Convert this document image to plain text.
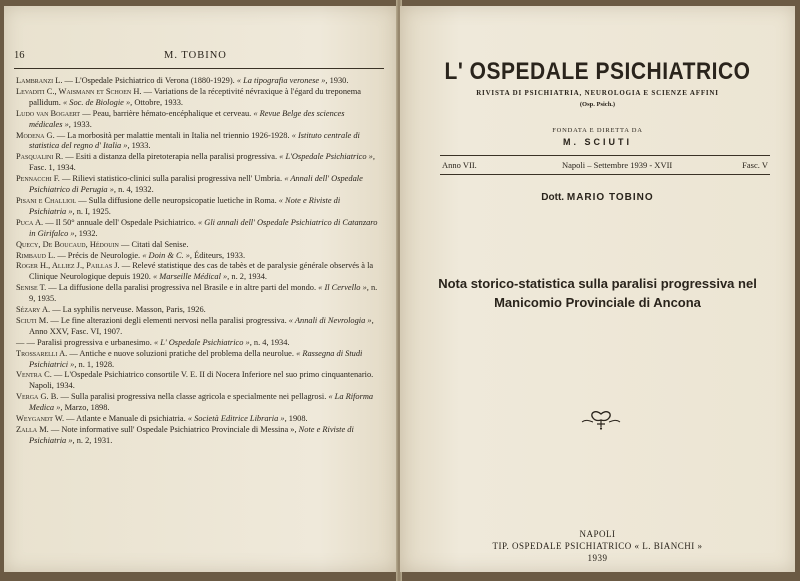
16	M. TOBINO

Lambranzi L. — L'Ospedale Psichiatrico di Verona (1880-1929). « La tipografia veronese », 1930.

Levaditi C., Waismann et Schoen H. — Variations de la réceptivité névraxique à l'égard du treponema pallidum. « Soc. de Biologie », Ottobre, 1933.

Ludo van Bogaert — Peau, barrière hémato-encéphalique et cerveau. « Revue Belge des sciences médicales », 1933.

Modena G. — La morbosità per malattie mentali in Italia nel triennio 1926-1928. « Istituto centrale di statistica del regno d' Italia », 1933.

Pasqualini R. — Esiti a distanza della piretoterapia nella paralisi progressiva. « L'Ospedale Psichiatrico », Fasc. 1, 1934.

Pennacchi F. — Rilievi statistico-clinici sulla paralisi progressiva nell' Umbria. « Annali dell' Ospedale Psichiatrico di Perugia », n. 4, 1932.

Pisani e Challiol — Sulla diffusione delle neuropsicopatie luetiche in Roma. « Note e Riviste di Psichiatria », n. I, 1925.

Puca A. — Il 50° annuale dell' Ospedale Psichiatrico. « Gli annali dell' Ospedale Psichiatrico di Catanzaro in Girifalco », 1932.

Quecy, De Boucaud, Hédouin — Citati dal Senise.

Rimbaud L. — Précis de Neurologie. « Doin & C. », Éditeurs, 1933.

Roger H., Alliez J., Paillas J. — Relevé statistique des cas de tabès et de paralysie générale observés à la Clinique Neurologique depuis 1920. « Marseille Médical », n. 2, 1934.

Senise T. — La diffusione della paralisi progressiva nel Brasile e in altre parti del mondo. « Il Cervello », n. 9, 1935.

Sézary A. — La syphilis nerveuse. Masson, Paris, 1926.

Sciuti M. — Le fine alterazioni degli elementi nervosi nella paralisi progressiva. « Annali di Nevrologia », Anno XXV, Fasc. VI, 1907.

— — Paralisi progressiva e urbanesimo. « L' Ospedale Psichiatrico », n. 4, 1934.

Trossarelli A. — Antiche e nuove soluzioni pratiche del problema della neurolue. « Rassegna di Studi Psichiatrici », n. 1, 1928.

Ventra C. — L'Ospedale Psichiatrico consortile V. E. II di Nocera Inferiore nel suo primo cinquantenario. Napoli, 1934.

Verga G. B. — Sulla paralisi progressiva nella classe agricola e specialmente nei pellagrosi. « La Riforma Medica », Marzo, 1898.

Weygandt W. — Atlante e Manuale di psichiatria. « Società Editrice Libraria », 1908.

Zalla M. — Note informative sull' Ospedale Psichiatrico Provinciale di Messina », Note e Riviste di Psichiatria », n. 2, 1931.

L' OSPEDALE PSICHIATRICO
RIVISTA DI PSICHIATRIA, NEUROLOGIA E SCIENZE AFFINI
(Osp. Psich.)
FONDATA E DIRETTA DA
M. SCIUTI
Anno VII.	Napoli – Settembre 1939 - XVII	Fasc. V
Dott. MARIO TOBINO
Nota storico-statistica sulla paralisi progressiva nel
Manicomio Provinciale di Ancona
NAPOLI
TIP. OSPEDALE PSICHIATRICO « L. BIANCHI »
1939
